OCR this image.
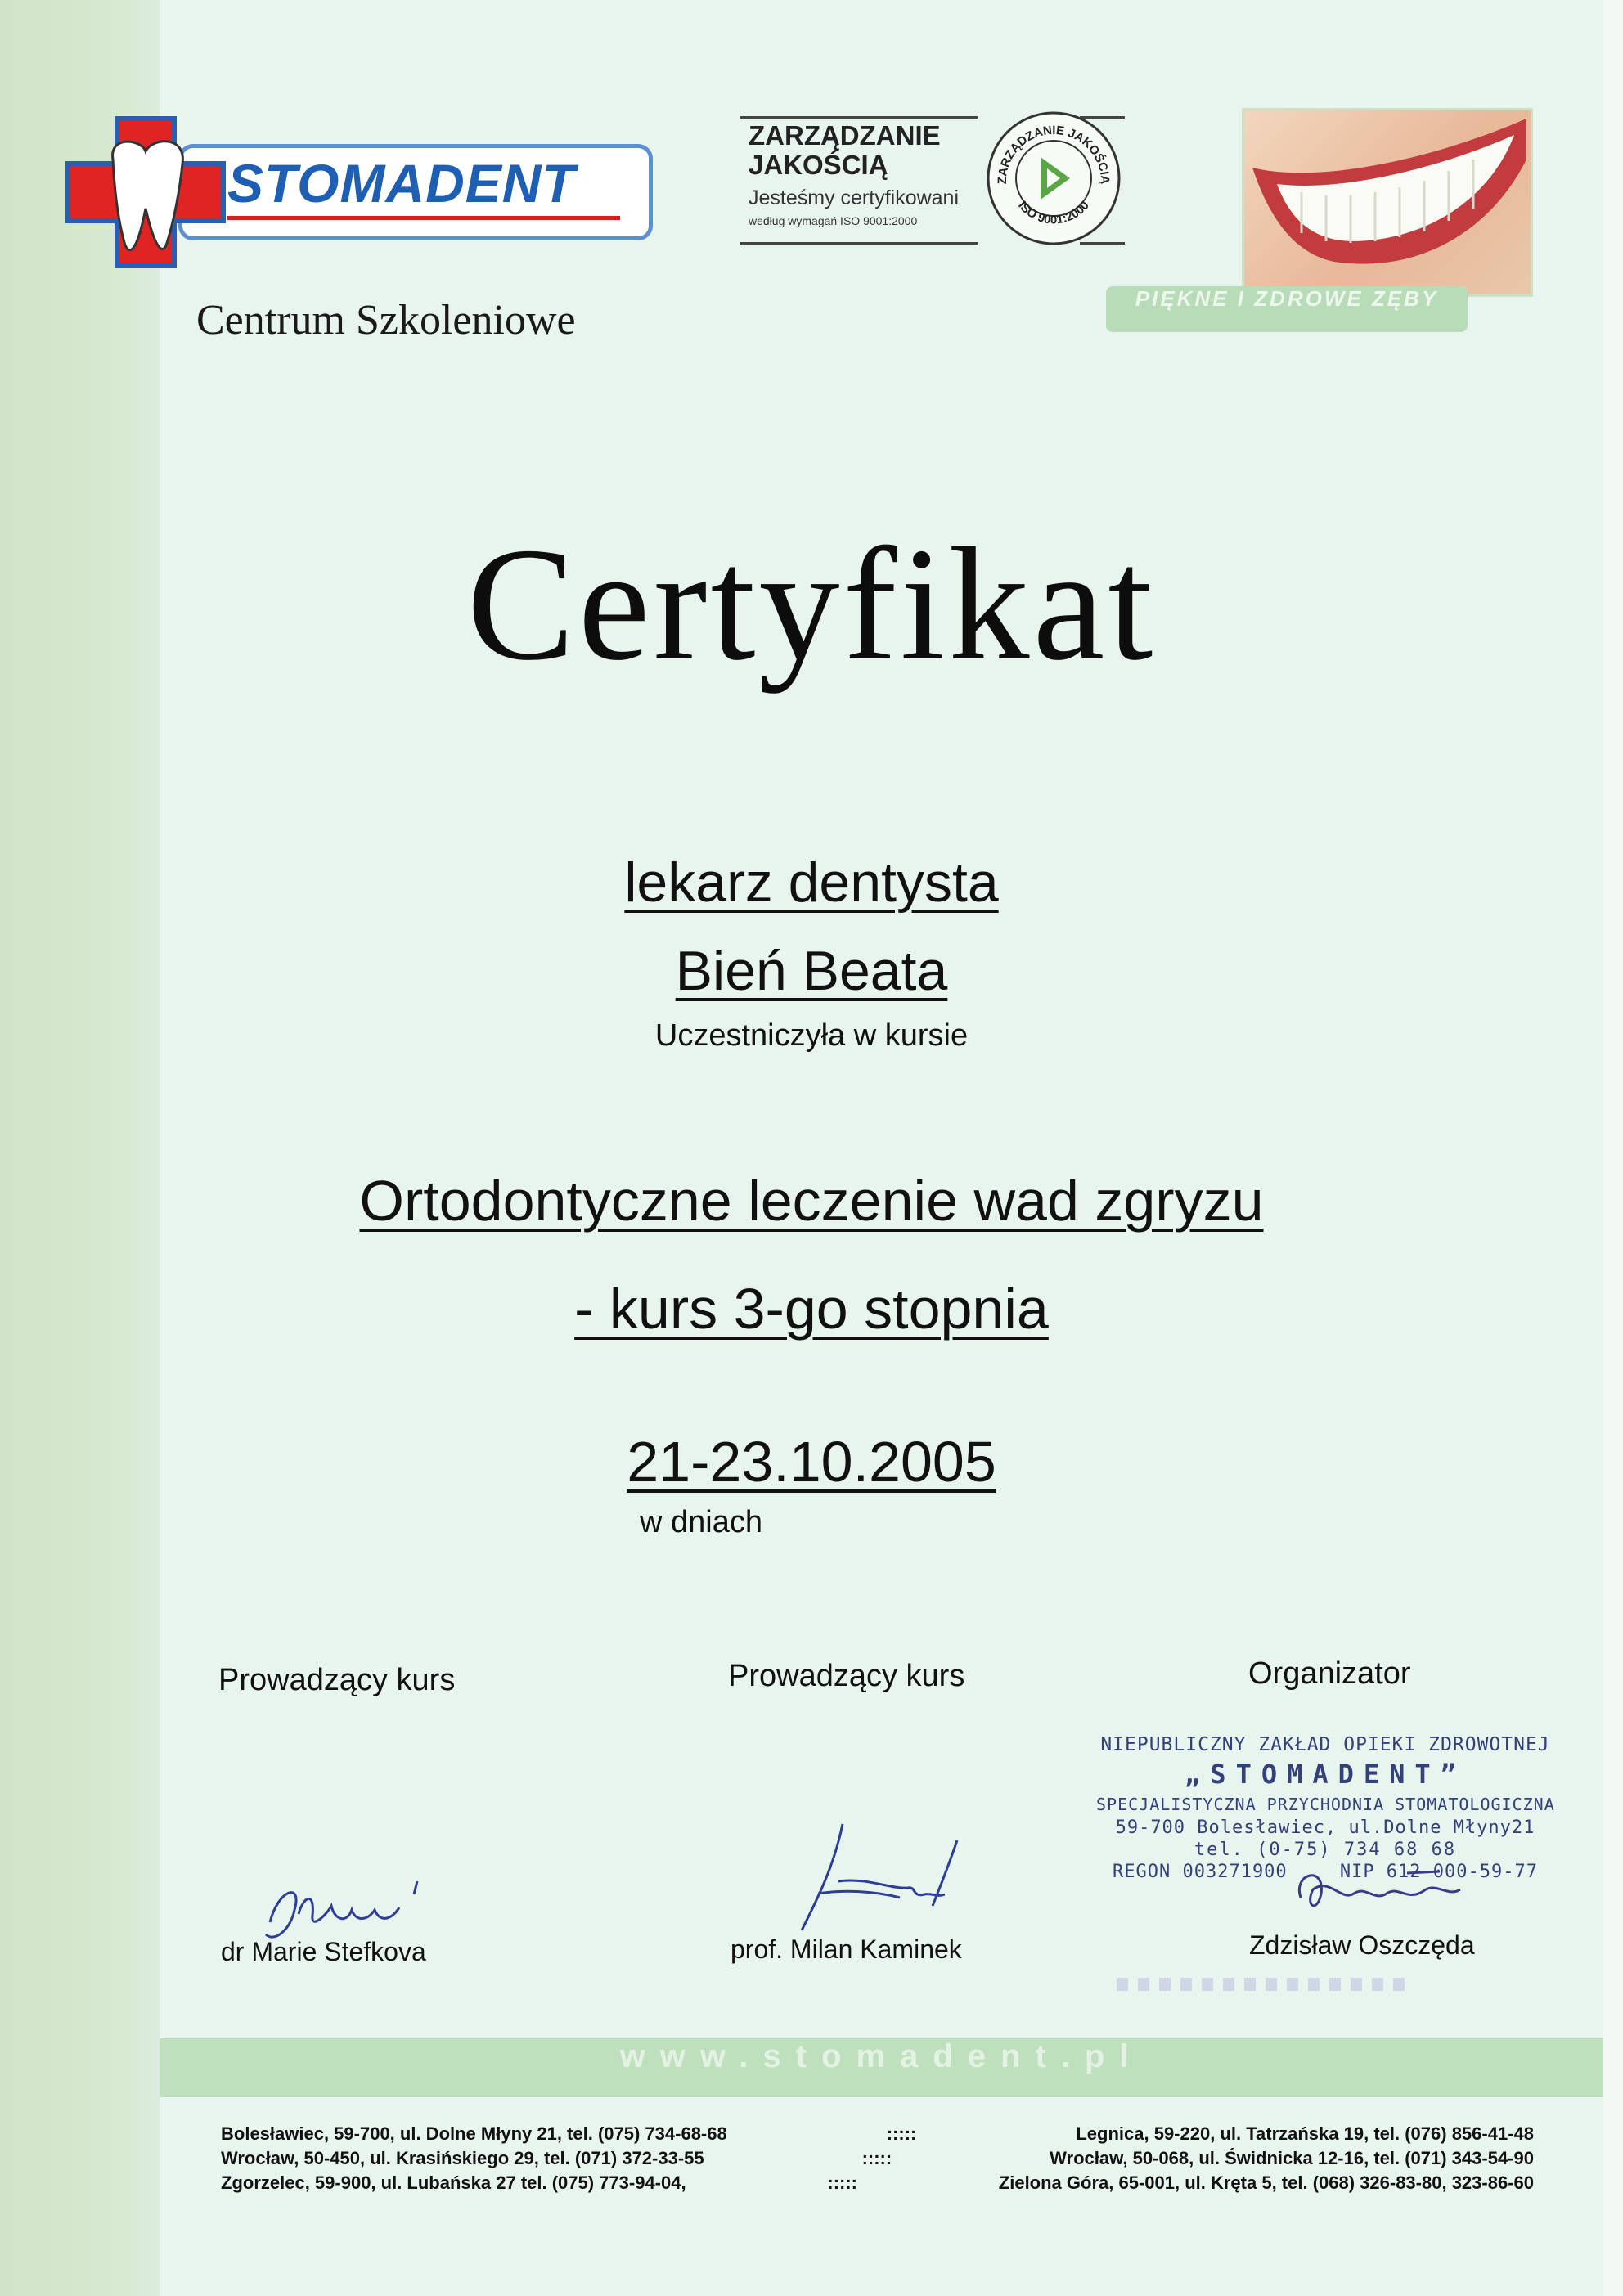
STOMADENT
Centrum Szkoleniowe
ZARZĄDZANIE
JAKOŚCIĄ
Jesteśmy certyfikowani
według wymagań ISO 9001:2000
ZARZĄDZANIE JAKOŚCIĄ
ISO 9001:2000
PIĘKNE I ZDROWE ZĘBY
Certyfikat
lekarz dentysta
Bień Beata
Uczestniczyła w kursie
Ortodontyczne leczenie wad zgryzu
- kurs 3-go stopnia
21-23.10.2005
w dniach
Prowadzący kurs	Prowadzący kurs	Organizator
dr Marie Stefkova	prof. Milan Kaminek	Zdzisław Oszczęda
NIEPUBLICZNY ZAKŁAD OPIEKI ZDROWOTNEJ
„STOMADENT”
SPECJALISTYCZNA PRZYCHODNIA STOMATOLOGICZNA
59-700 Bolesławiec, ul.Dolne Młyny21
tel. (0-75) 734 68 68
REGON 003271900	NIP 612-000-59-77
www.stomadent.pl
Bolesławiec, 59-700, ul. Dolne Młyny 21, tel. (075) 734-68-68	:::::	Legnica, 59-220, ul. Tatrzańska 19, tel. (076) 856-41-48
Wrocław, 50-450, ul. Krasińskiego 29, tel. (071) 372-33-55	:::::	Wrocław, 50-068, ul. Świdnicka 12-16, tel. (071) 343-54-90
Zgorzelec, 59-900, ul. Lubańska 27 tel. (075) 773-94-04,	:::::	Zielona Góra, 65-001, ul. Kręta 5, tel. (068) 326-83-80, 323-86-60
